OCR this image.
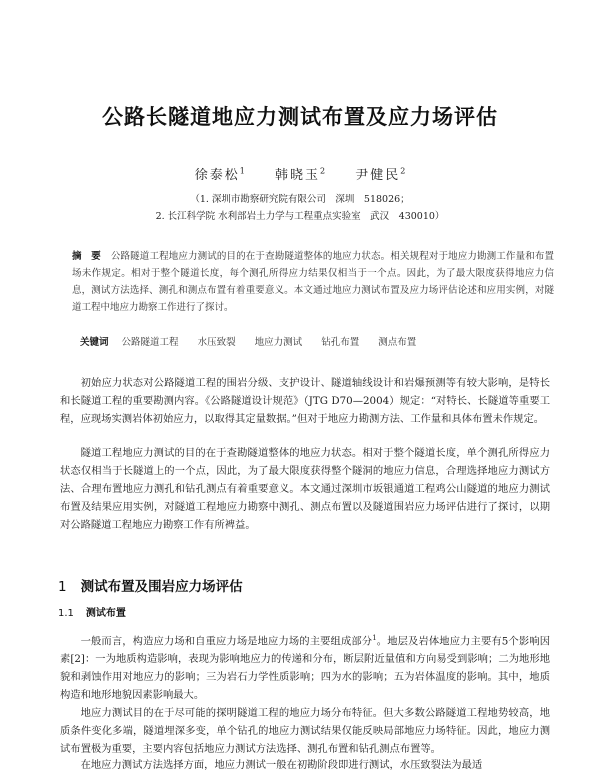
公路长隧道地应力测试布置及应力场评估
徐泰松$^1$ 韩晓玉$^2$ 尹健民$^2$
（1. 深圳市勘察研究院有限公司　深圳　518026；
2. 长江科学院 水利部岩土力学与工程重点实验室　武汉　430010）
摘　要 公路隧道工程地应力测试的目的在于查勘隧道整体的地应力状态。相关规程对于地应力勘测工作量和布置场未作规定。相对于整个隧道长度，每个测孔所得应力结果仅相当于一个点。因此，为了最大限度获得地应力信息，测试方法选择、测孔和测点布置有着重要意义。本文通过地应力测试布置及应力场评估论述和应用实例，对隧道工程中地应力勘察工作进行了探讨。
关键词 公路隧道工程 水压致裂 地应力测试 钻孔布置 测点布置
初始应力状态对公路隧道工程的围岩分级、支护设计、隧道轴线设计和岩爆预测等有较大影响，是特长和长隧道工程的重要勘测内容。《公路隧道设计规范》（JTG D70—2004）规定：“对特长、长隧道等重要工程，应现场实测岩体初始应力，以取得其定量数据。”但对于地应力勘测方法、工作量和具体布置未作规定。
隧道工程地应力测试的目的在于查勘隧道整体的地应力状态。相对于整个隧道长度，单个测孔所得应力状态仅相当于长隧道上的一个点，因此，为了最大限度获得整个隧洞的地应力信息，合理选择地应力测试方法、合理布置地应力测孔和钻孔测点有着重要意义。本文通过深圳市坂银通道工程鸡公山隧道的地应力测试布置及结果应用实例，对隧道工程地应力勘察中测孔、测点布置以及隧道围岩应力场评估进行了探讨，以期对公路隧道工程地应力勘察工作有所裨益。
1 测试布置及围岩应力场评估
1.1 测试布置
一般而言，构造应力场和自重应力场是地应力场的主要组成部分$^1$。地层及岩体地应力主要有5个影响因素[2]：一为地质构造影响，表现为影响地应力的传递和分布，断层附近量值和方向易受到影响；二为地形地貌和剥蚀作用对地应力的影响；三为岩石力学性质影响；四为水的影响；五为岩体温度的影响。其中，地质构造和地形地貌因素影响最大。
地应力测试目的在于尽可能的探明隧道工程的地应力场分布特征。但大多数公路隧道工程地势较高，地质条件变化多端，隧道埋深多变，单个钻孔的地应力测试结果仅能反映局部地应力场特征。因此，地应力测试布置极为重要，主要内容包括地应力测试方法选择、测孔布置和钻孔测点布置等。
在地应力测试方法选择方面，地应力测试一般在初勘阶段即进行测试，水压致裂法为最适
